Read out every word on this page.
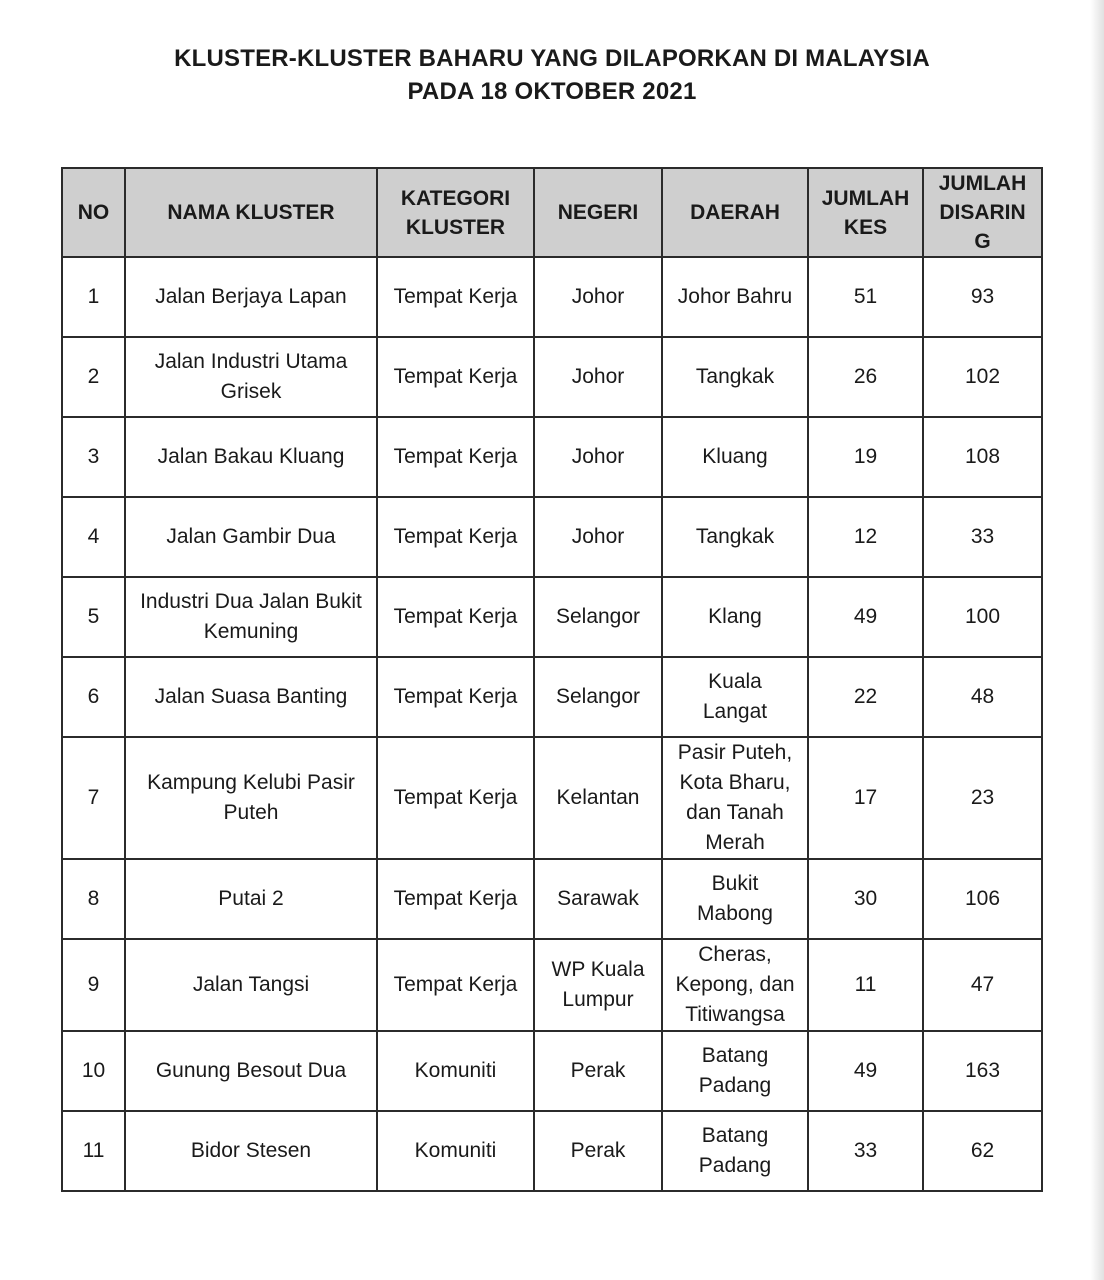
KLUSTER-KLUSTER BAHARU YANG DILAPORKAN DI MALAYSIA
PADA 18 OKTOBER 2021
NO	NAMA KLUSTER	KATEGORI KLUSTER	NEGERI	DAERAH	JUMLAH KES	JUMLAH DISARIN G
1	Jalan Berjaya Lapan	Tempat Kerja	Johor	Johor Bahru	51	93
2	Jalan Industri Utama Grisek	Tempat Kerja	Johor	Tangkak	26	102
3	Jalan Bakau Kluang	Tempat Kerja	Johor	Kluang	19	108
4	Jalan Gambir Dua	Tempat Kerja	Johor	Tangkak	12	33
5	Industri Dua Jalan Bukit Kemuning	Tempat Kerja	Selangor	Klang	49	100
6	Jalan Suasa Banting	Tempat Kerja	Selangor	Kuala Langat	22	48
7	Kampung Kelubi Pasir Puteh	Tempat Kerja	Kelantan	Pasir Puteh, Kota Bharu, dan Tanah Merah	17	23
8	Putai 2	Tempat Kerja	Sarawak	Bukit Mabong	30	106
9	Jalan Tangsi	Tempat Kerja	WP Kuala Lumpur	Cheras, Kepong, dan Titiwangsa	11	47
10	Gunung Besout Dua	Komuniti	Perak	Batang Padang	49	163
11	Bidor Stesen	Komuniti	Perak	Batang Padang	33	62
